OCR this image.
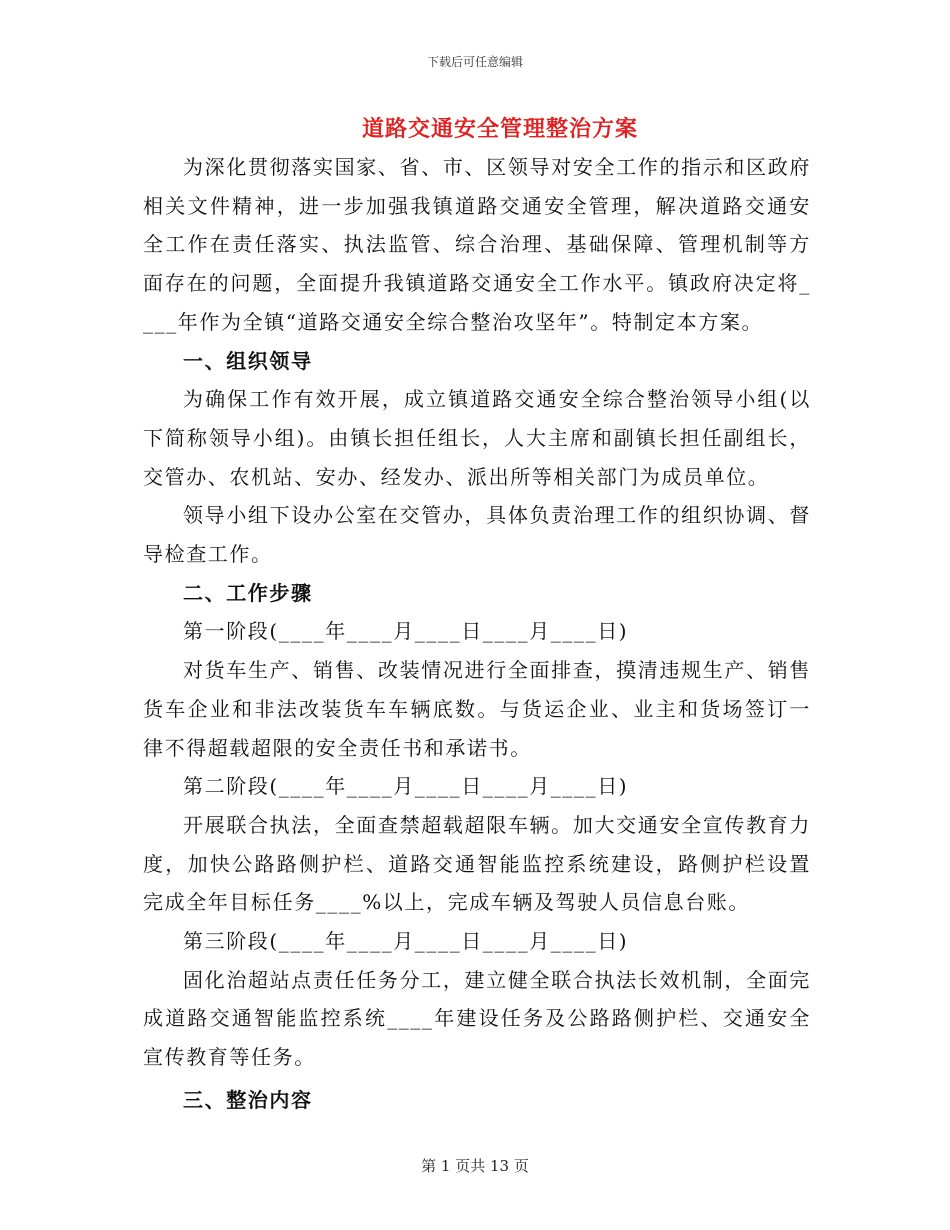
下载后可任意编辑
道路交通安全管理整治方案

为深化贯彻落实国家、省、市、区领导对安全工作的指示和区政府相关文件精神，进一步加强我镇道路交通安全管理，解决道路交通安全工作在责任落实、执法监管、综合治理、基础保障、管理机制等方面存在的问题，全面提升我镇道路交通安全工作水平。镇政府决定将____年作为全镇“道路交通安全综合整治攻坚年”。特制定本方案。

一、组织领导

为确保工作有效开展，成立镇道路交通安全综合整治领导小组(以下简称领导小组)。由镇长担任组长，人大主席和副镇长担任副组长，交管办、农机站、安办、经发办、派出所等相关部门为成员单位。

领导小组下设办公室在交管办，具体负责治理工作的组织协调、督导检查工作。

二、工作步骤

第一阶段(____年____月____日____月____日)

对货车生产、销售、改装情况进行全面排查，摸清违规生产、销售货车企业和非法改装货车车辆底数。与货运企业、业主和货场签订一律不得超载超限的安全责任书和承诺书。

第二阶段(____年____月____日____月____日)

开展联合执法，全面查禁超载超限车辆。加大交通安全宣传教育力度，加快公路路侧护栏、道路交通智能监控系统建设，路侧护栏设置完成全年目标任务____%以上，完成车辆及驾驶人员信息台账。

第三阶段(____年____月____日____月____日)

固化治超站点责任任务分工，建立健全联合执法长效机制，全面完成道路交通智能监控系统____年建设任务及公路路侧护栏、交通安全宣传教育等任务。

三、整治内容

第 1 页共 13 页
